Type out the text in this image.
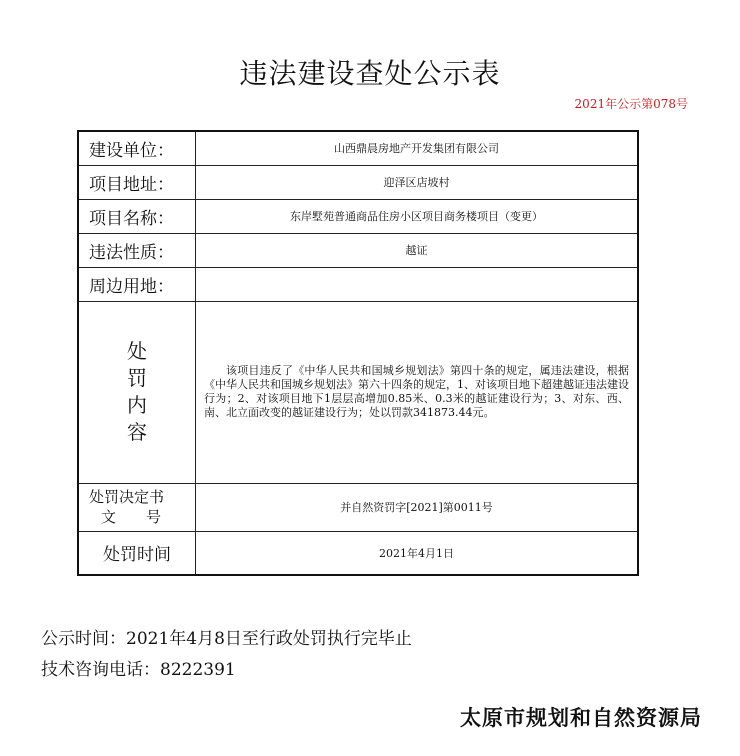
违法建设查处公示表
2021年公示第078号
建设单位：	山西鼎晨房地产开发集团有限公司
项目地址：	迎泽区店坡村
项目名称：	东岸墅苑普通商品住房小区项目商务楼项目（变更）
违法性质：	越证
周边用地：	

处
罚
内
容	该项目违反了《中华人民共和国城乡规划法》第四十条的规定，属违法建设，根据《中华人民共和国城乡规划法》第六十四条的规定，1、对该项目地下超建越证违法建设行为；2、对该项目地下1层层高增加0.85米、0.3米的越证建设行为；3、对东、西、南、北立面改变的越证建设行为；处以罚款341873.44元。
处罚决定书
文号	并自然资罚字[2021]第0011号
处罚时间	2021年4月1日
公示时间：2021年4月8日至行政处罚执行完毕止
技术咨询电话：8222391
太原市规划和自然资源局
